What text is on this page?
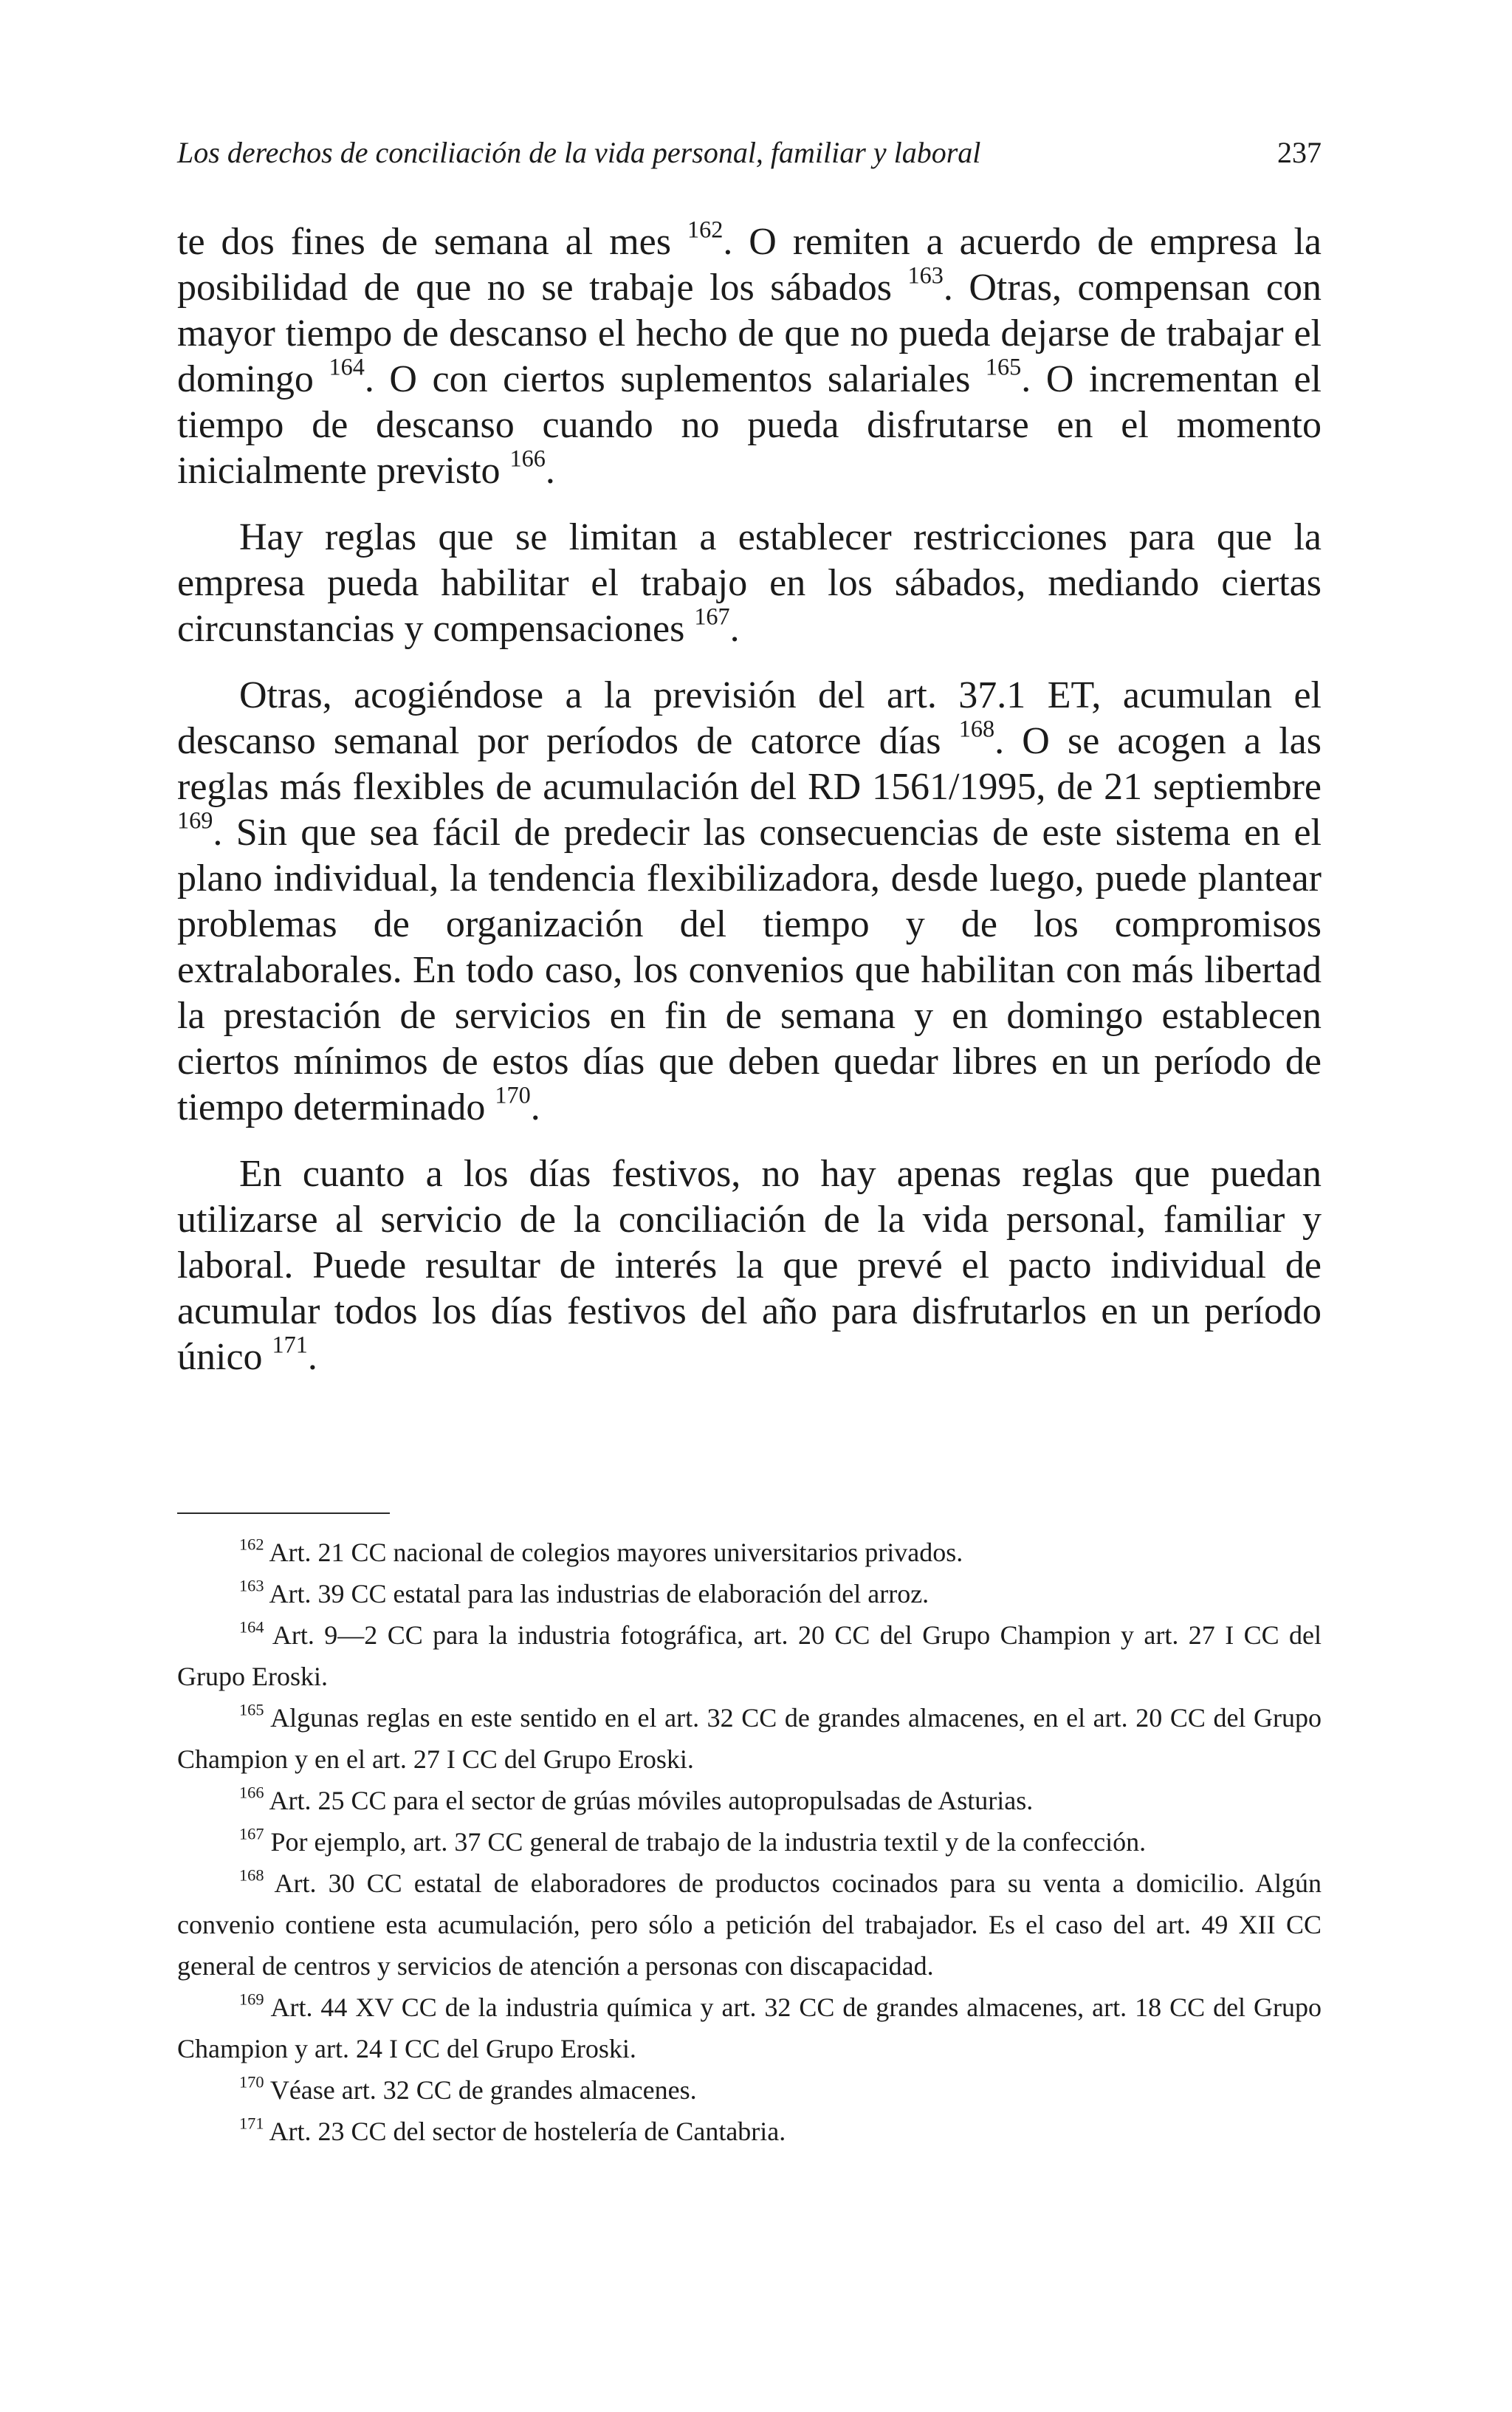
Los derechos de conciliación de la vida personal, familiar y laboral	237

te dos fines de semana al mes $^{162}$. O remiten a acuerdo de empresa la posibilidad de que no se trabaje los sábados $^{163}$. Otras, compensan con mayor tiempo de descanso el hecho de que no pueda dejarse de trabajar el domingo $^{164}$. O con ciertos suplementos salariales $^{165}$. O incrementan el tiempo de descanso cuando no pueda disfrutarse en el momento inicialmente previsto $^{166}$.

Hay reglas que se limitan a establecer restricciones para que la empresa pueda habilitar el trabajo en los sábados, mediando ciertas circunstancias y compensaciones $^{167}$.

Otras, acogiéndose a la previsión del art. 37.1 ET, acumulan el descanso semanal por períodos de catorce días $^{168}$. O se acogen a las reglas más flexibles de acumulación del RD 1561/1995, de 21 septiembre $^{169}$. Sin que sea fácil de predecir las consecuencias de este sistema en el plano individual, la tendencia flexibilizadora, desde luego, puede plantear problemas de organización del tiempo y de los compromisos extralaborales. En todo caso, los convenios que habilitan con más libertad la prestación de servicios en fin de semana y en domingo establecen ciertos mínimos de estos días que deben quedar libres en un período de tiempo determinado $^{170}$.

En cuanto a los días festivos, no hay apenas reglas que puedan utilizarse al servicio de la conciliación de la vida personal, familiar y laboral. Puede resultar de interés la que prevé el pacto individual de acumular todos los días festivos del año para disfrutarlos en un período único $^{171}$.

$^{162}$ Art. 21 CC nacional de colegios mayores universitarios privados.

$^{163}$ Art. 39 CC estatal para las industrias de elaboración del arroz.

$^{164}$ Art. 9—2 CC para la industria fotográfica, art. 20 CC del Grupo Champion y art. 27 I CC del Grupo Eroski.

$^{165}$ Algunas reglas en este sentido en el art. 32 CC de grandes almacenes, en el art. 20 CC del Grupo Champion y en el art. 27 I CC del Grupo Eroski.

$^{166}$ Art. 25 CC para el sector de grúas móviles autopropulsadas de Asturias.

$^{167}$ Por ejemplo, art. 37 CC general de trabajo de la industria textil y de la confección.

$^{168}$ Art. 30 CC estatal de elaboradores de productos cocinados para su venta a domicilio. Algún convenio contiene esta acumulación, pero sólo a petición del trabajador. Es el caso del art. 49 XII CC general de centros y servicios de atención a personas con discapacidad.

$^{169}$ Art. 44 XV CC de la industria química y art. 32 CC de grandes almacenes, art. 18 CC del Grupo Champion y art. 24 I CC del Grupo Eroski.

$^{170}$ Véase art. 32 CC de grandes almacenes.

$^{171}$ Art. 23 CC del sector de hostelería de Cantabria.
